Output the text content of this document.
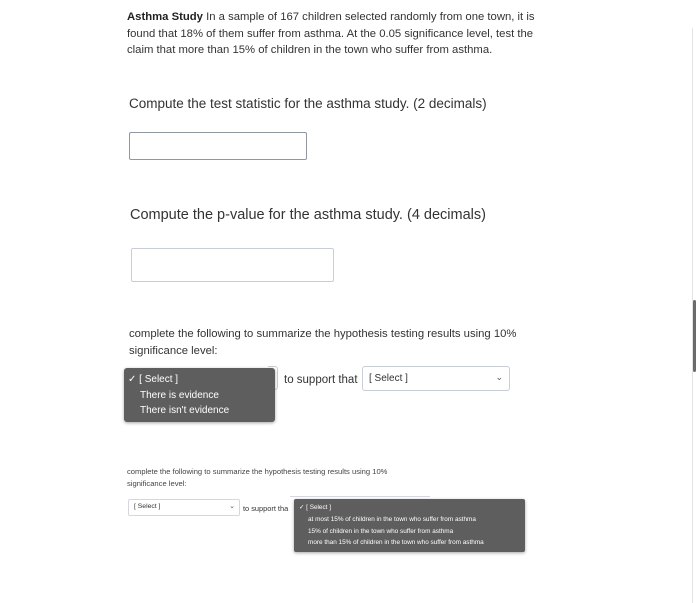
Asthma Study In a sample of 167 children selected randomly from one town, it is found that 18% of them suffer from asthma. At the 0.05 significance level, test the claim that more than 15% of children in the town who suffer from asthma.
Compute the test statistic for the asthma study. (2 decimals)
Compute the p-value for the asthma study. (4 decimals)
complete the following to summarize the hypothesis testing results using 10% significance level:
✓ [ Select ]
There is evidence
There isn't evidence
to support that	[ Select ]	⌄
complete the following to summarize the hypothesis testing results using 10% significance level:
[ Select ]	⌄ to support tha	✓ [ Select ]
at most 15% of children in the town who suffer from asthma
15% of children in the town who suffer from asthma
more than 15% of children in the town who suffer from asthma
